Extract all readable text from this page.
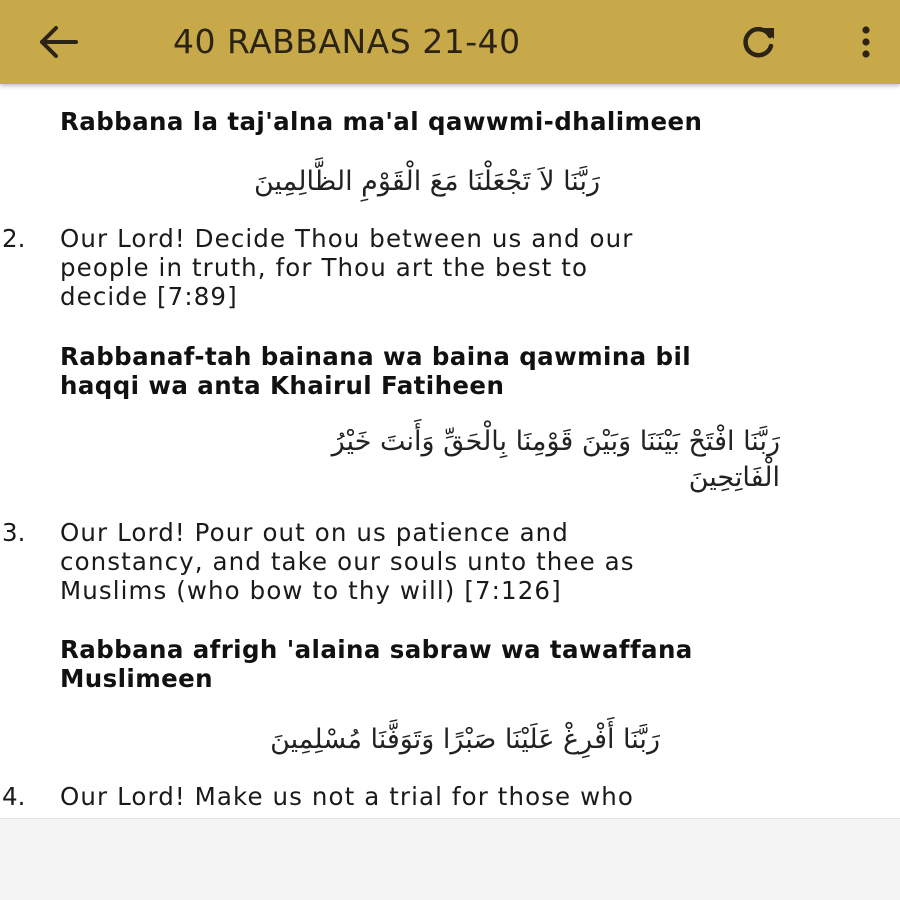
40 RABBANAS 21-40
Rabbana la taj'alna ma'al qawwmi-dhalimeen
رَبَّنَا لاَ تَجْعَلْنَا مَعَ الْقَوْمِ الظَّالِمِينَ
2. Our Lord! Decide Thou between us and our
people in truth, for Thou art the best to
decide [7:89]
Rabbanaf-tah bainana wa baina qawmina bil
haqqi wa anta Khairul Fatiheen
رَبَّنَا افْتَحْ بَيْنَنَا وَبَيْنَ قَوْمِنَا بِالْحَقِّ وَأَنتَ خَيْرُ
الْفَاتِحِينَ
3. Our Lord! Pour out on us patience and
constancy, and take our souls unto thee as
Muslims (who bow to thy will) [7:126]
Rabbana afrigh 'alaina sabraw wa tawaffana
Muslimeen
رَبَّنَا أَفْرِغْ عَلَيْنَا صَبْرًا وَتَوَفَّنَا مُسْلِمِينَ
4. Our Lord! Make us not a trial for those who
